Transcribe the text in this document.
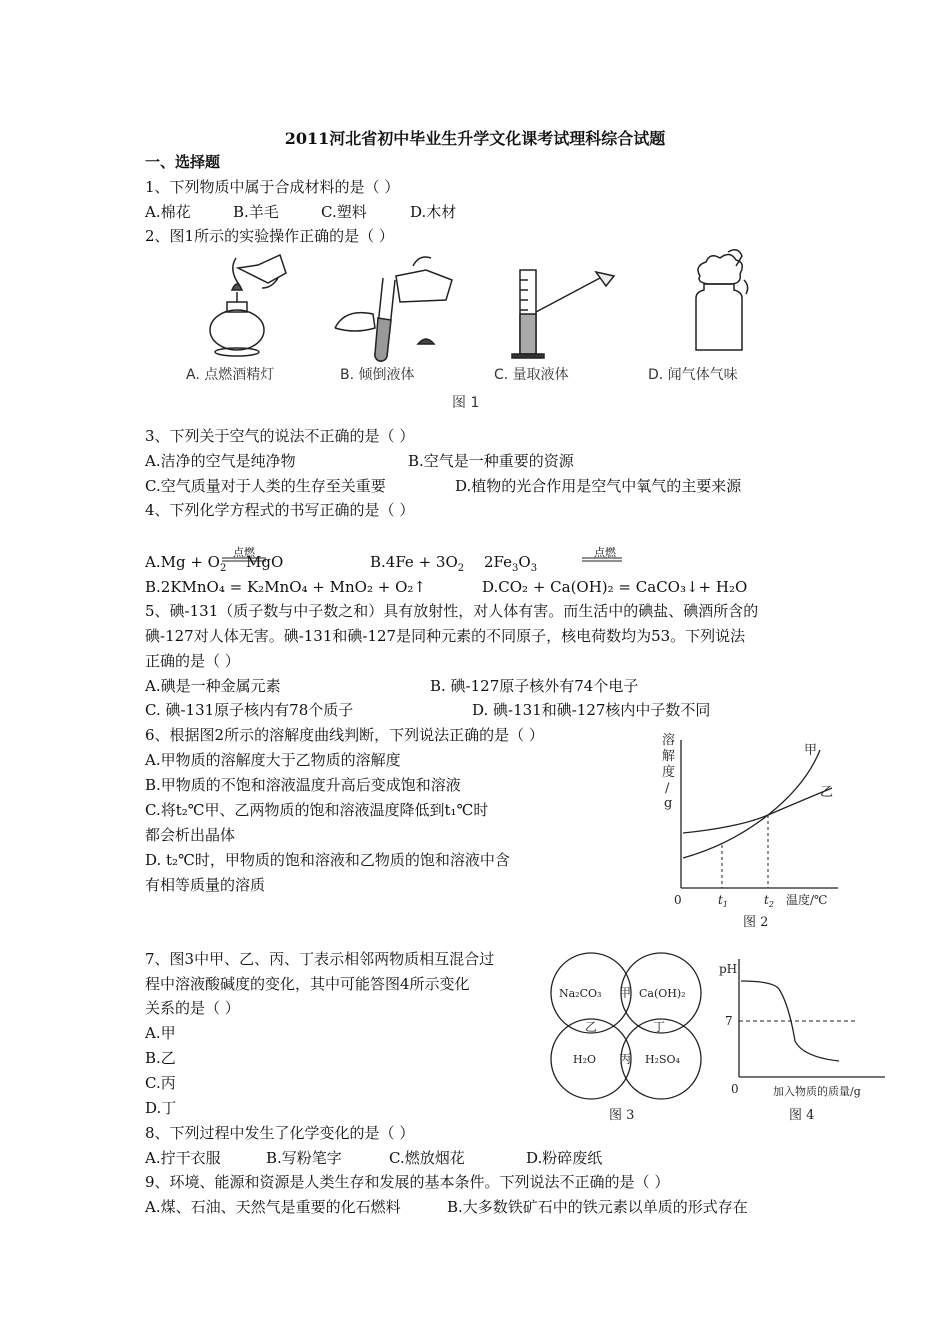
2011河北省初中毕业生升学文化课考试理科综合试题
一、选择题
1、下列物质中属于合成材料的是（ ）
A.棉花	B.羊毛	C.塑料	D.木材
2、图1所示的实验操作正确的是（ ）
A. 点燃酒精灯	B. 倾倒液体	C. 量取液体	D. 闻气体气味
图 1
3、下列关于空气的说法不正确的是（ ）
A.洁净的空气是纯净物	B.空气是一种重要的资源
C.空气质量对于人类的生存至关重要	D.植物的光合作用是空气中氧气的主要来源
4、下列化学方程式的书写正确的是（ ）
点燃	点燃
$A.Mg + O_2$ MgO	$B.4Fe + 3O_2$ $2Fe_3O_3$
B.2KMnO₄ = K₂MnO₄ + MnO₂ + O₂↑	D.CO₂ + Ca(OH)₂ = CaCO₃↓+ H₂O
5、碘-131（质子数与中子数之和）具有放射性，对人体有害。而生活中的碘盐、碘酒所含的
碘-127对人体无害。碘-131和碘-127是同种元素的不同原子，核电荷数均为53。下列说法
正确的是（ ）
A.碘是一种金属元素	B. 碘-127原子核外有74个电子
C. 碘-131原子核内有78个质子	D. 碘-131和碘-127核内中子数不同
6、根据图2所示的溶解度曲线判断，下列说法正确的是（ ）
A.甲物质的溶解度大于乙物质的溶解度
B.甲物质的不饱和溶液温度升高后变成饱和溶液
C.将t₂℃甲、乙两物质的饱和溶液温度降低到t₁℃时
都会析出晶体
D. t₂℃时，甲物质的饱和溶液和乙物质的饱和溶液中含
有相等质量的溶质
溶
解
度
/
g
0	$t_1$	$t_2$ 温度/℃
甲
乙
图 2
7、图3中甲、乙、丙、丁表示相邻两物质相互混合过
程中溶液酸碱度的变化，其中可能答图4所示变化
关系的是（ ）
A.甲
B.乙
C.丙
D.丁
Na₂CO₃	Ca(OH)₂
H₂O	H₂SO₄
甲
乙	丁
丙
图 3
pH
7
0	加入物质的质量/g
图 4
8、下列过程中发生了化学变化的是（ ）
A.拧干衣服	B.写粉笔字	C.燃放烟花	D.粉碎废纸
9、环境、能源和资源是人类生存和发展的基本条件。下列说法不正确的是（ ）
A.煤、石油、天然气是重要的化石燃料	B.大多数铁矿石中的铁元素以单质的形式存在
